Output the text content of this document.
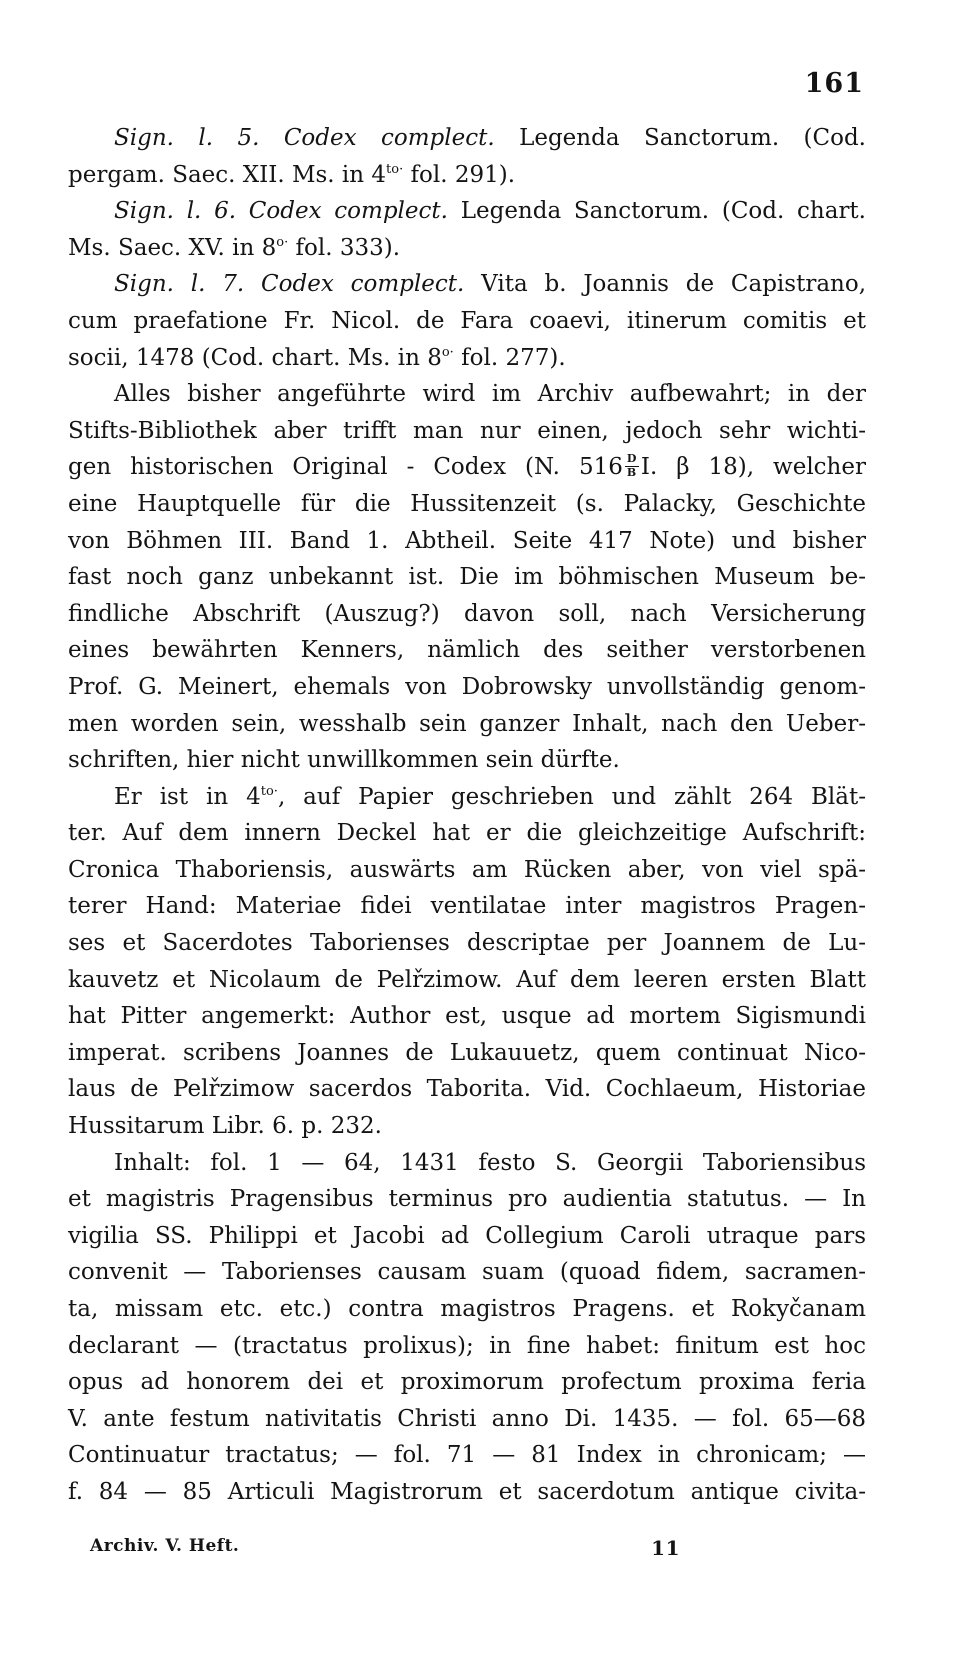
161
Sign. l. 5. Codex complect. Legenda Sanctorum. (Cod.
pergam. Saec. XII. Ms. in $4^{to\cdot}$ fol. 291).
Sign. l. 6. Codex complect. Legenda Sanctorum. (Cod. chart.
Ms. Saec. XV. in $8^{o\cdot}$ fol. 333).
Sign. l. 7. Codex complect. Vita b. Joannis de Capistrano,
cum praefatione Fr. Nicol. de Fara coaevi, itinerum comitis et
socii, 1478 (Cod. chart. Ms. in $8^{o\cdot}$ fol. 277).
Alles bisher angeführte wird im Archiv aufbewahrt; in der
Stifts-Bibliothek aber trifft man nur einen, jedoch sehr wichti-
gen historischen Original - Codex (N. $516 \frac{D}{B} I$. β 18), welcher
eine Hauptquelle für die Hussitenzeit (s. Palacky, Geschichte
von Böhmen III. Band 1. Abtheil. Seite 417 Note) und bisher
fast noch ganz unbekannt ist. Die im böhmischen Museum be-
findliche Abschrift (Auszug?) davon soll, nach Versicherung
eines bewährten Kenners, nämlich des seither verstorbenen
Prof. G. Meinert, ehemals von Dobrowsky unvollständig genom-
men worden sein, wesshalb sein ganzer Inhalt, nach den Ueber-
schriften, hier nicht unwillkommen sein dürfte.
Er ist in $4^{to\cdot}$, auf Papier geschrieben und zählt 264 Blät-
ter. Auf dem innern Deckel hat er die gleichzeitige Aufschrift:
Cronica Thaboriensis, auswärts am Rücken aber, von viel spä-
terer Hand: Materiae fidei ventilatae inter magistros Pragen-
ses et Sacerdotes Taborienses descriptae per Joannem de Lu-
kauvetz et Nicolaum de Pelřzimow. Auf dem leeren ersten Blatt
hat Pitter angemerkt: Author est, usque ad mortem Sigismundi
imperat. scribens Joannes de Lukauuetz, quem continuat Nico-
laus de Pelřzimow sacerdos Taborita. Vid. Cochlaeum, Historiae
Hussitarum Libr. 6. p. 232.
Inhalt: fol. 1 — 64, 1431 festo S. Georgii Taboriensibus
et magistris Pragensibus terminus pro audientia statutus. — In
vigilia SS. Philippi et Jacobi ad Collegium Caroli utraque pars
convenit — Taborienses causam suam (quoad fidem, sacramen-
ta, missam etc. etc.) contra magistros Pragens. et Rokyčanam
declarant — (tractatus prolixus); in fine habet: finitum est hoc
opus ad honorem dei et proximorum profectum proxima feria
V. ante festum nativitatis Christi anno Di. 1435. — fol. 65—68
Continuatur tractatus; — fol. 71 — 81 Index in chronicam; —
f. 84 — 85 Articuli Magistrorum et sacerdotum antique civita-
Archiv. V. Heft.	11
